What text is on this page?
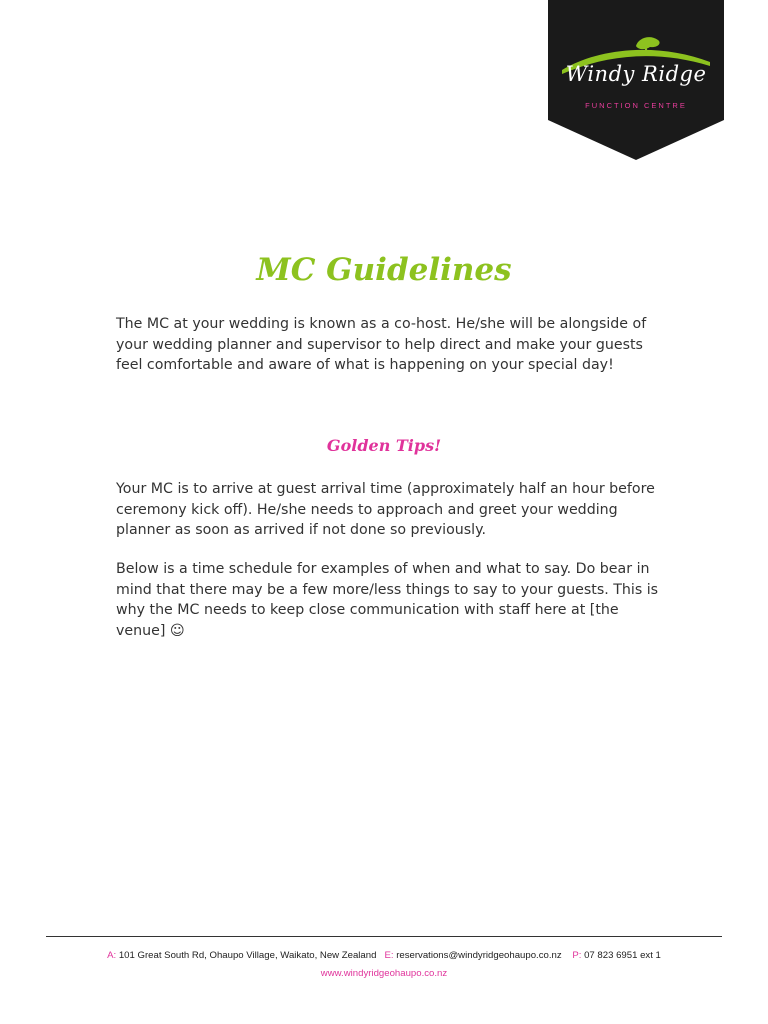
Windy Ridge
FUNCTION CENTRE
MC Guidelines

The MC at your wedding is known as a co-host. He/she will be alongside of your wedding planner and supervisor to help direct and make your guests feel comfortable and aware of what is happening on your special day!

Golden Tips!

Your MC is to arrive at guest arrival time (approximately half an hour before ceremony kick off). He/she needs to approach and greet your wedding planner as soon as arrived if not done so previously.

Below is a time schedule for examples of when and what to say. Do bear in mind that there may be a few more/less things to say to your guests. This is why the MC needs to keep close communication with staff here at [the venue] ☺

A: 101 Great South Rd, Ohaupo Village, Waikato, New Zealand E: reservations@windyridgeohaupo.co.nz P: 07 823 6951 ext 1
www.windyridgeohaupo.co.nz
